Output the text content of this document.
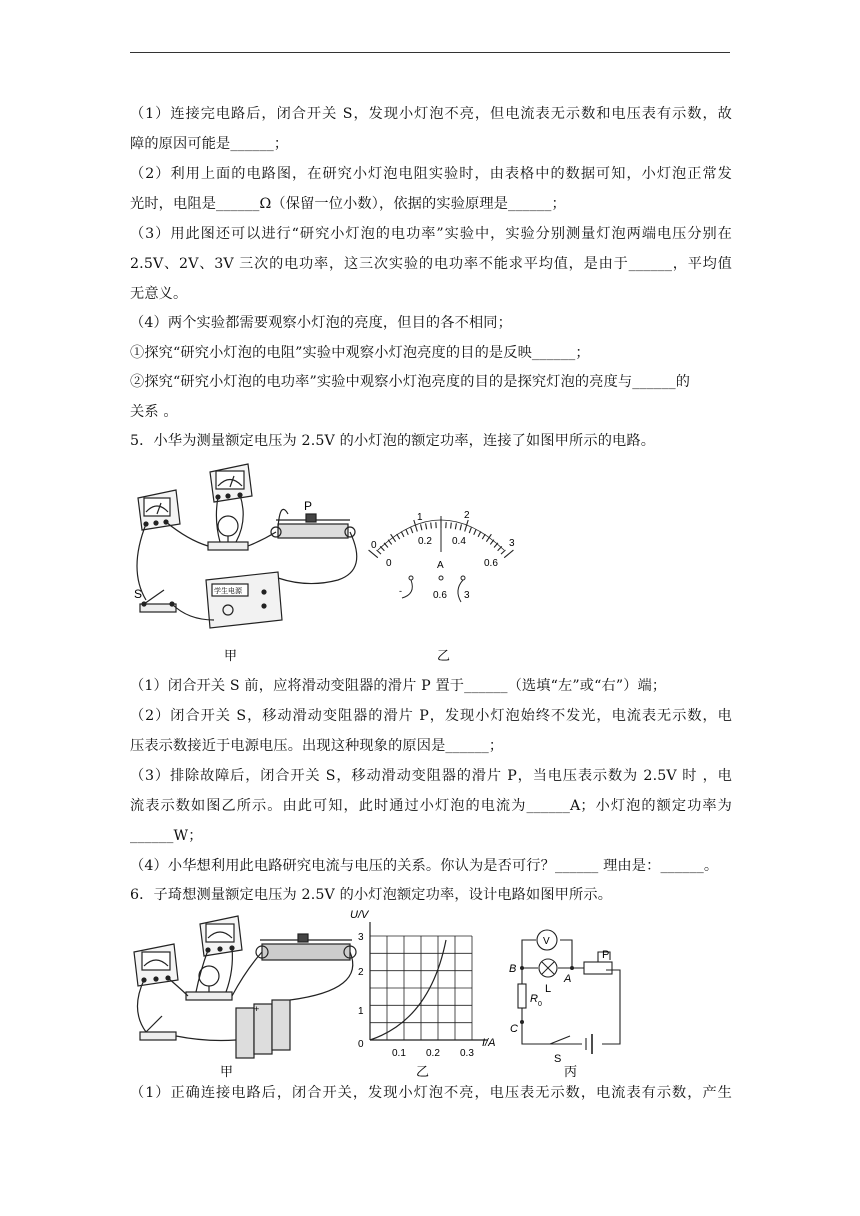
（1）连接完电路后，闭合开关 S，发现小灯泡不亮，但电流表无示数和电压表有示数，故
障的原因可能是______；
（2）利用上面的电路图，在研究小灯泡电阻实验时，由表格中的数据可知，小灯泡正常发
光时，电阻是______Ω（保留一位小数），依据的实验原理是______；
（3）用此图还可以进行“研究小灯泡的电功率”实验中，实验分别测量灯泡两端电压分别在
2.5V、2V、3V 三次的电功率，这三次实验的电功率不能求平均值，是由于______，平均值
无意义。
（4）两个实验都需要观察小灯泡的亮度，但目的各不相同；
①探究“研究小灯泡的电阻”实验中观察小灯泡亮度的目的是反映______；
②探究“研究小灯泡的电功率”实验中观察小灯泡亮度的目的是探究灯泡的亮度与______的
关系 。
5．小华为测量额定电压为 2.5V 的小灯泡的额定功率，连接了如图甲所示的电路。
P
S	学生电源
甲
0
1	2
3
0
0.2 0.4
0.6
A
-	0.6 3
乙
（1）闭合开关 S 前，应将滑动变阻器的滑片 P 置于______（选填“左”或“右”）端；
（2）闭合开关 S，移动滑动变阻器的滑片 P，发现小灯泡始终不发光，电流表无示数，电
压表示数接近于电源电压。出现这种现象的原因是______；
（3）排除故障后，闭合开关 S，移动滑动变阻器的滑片 P，当电压表示数为 2.5V 时 ，电
流表示数如图乙所示。由此可知，此时通过小灯泡的电流为______A；小灯泡的额定功率为
______W；
（4）小华想利用此电路研究电流与电压的关系。你认为是否可行？______ 理由是：______。
6．子琦想测量额定电压为 2.5V 的小灯泡额定功率，设计电路如图甲所示。
+
甲
U/V
I/A
0
1
2
3
0.1 0.2 0.3
乙
V
B
A
L
R 0
C
P
S
丙
（1）正确连接电路后，闭合开关，发现小灯泡不亮，电压表无示数，电流表有示数，产生
